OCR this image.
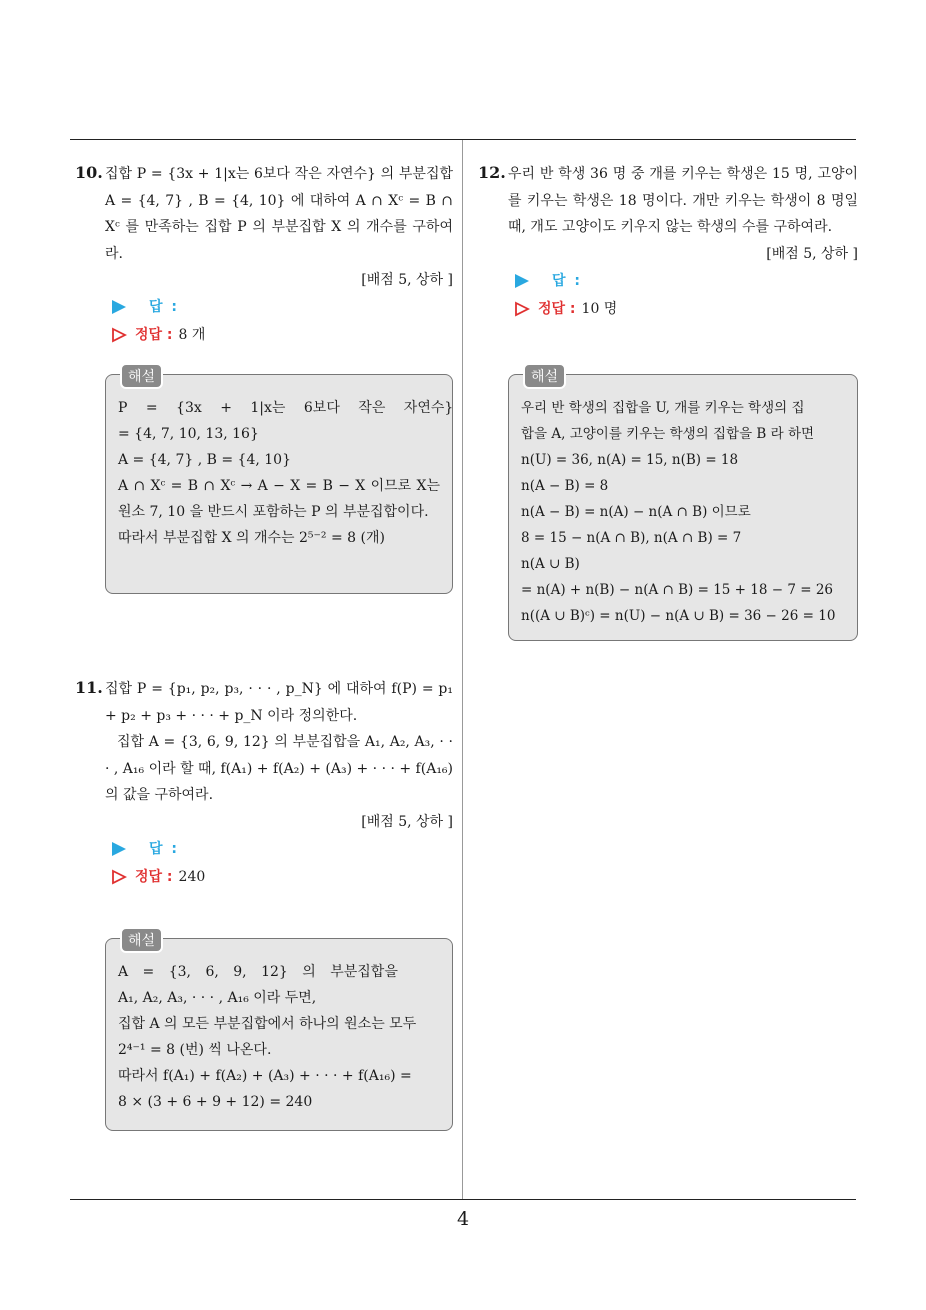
10. 집합 P = {3x + 1|x는 6보다 작은 자연수} 의 부분집합 A = {4, 7} , B = {4, 10} 에 대하여 A ∩ Xᶜ = B ∩ Xᶜ 를 만족하는 집합 P 의 부분집합 X 의 개수를 구하여라.
[배점 5, 상하 ]
답 :
정답 : 8 개
해설
P = {3x + 1|x는 6보다 작은 자연수}
= {4, 7, 10, 13, 16}
A = {4, 7} , B = {4, 10}
A ∩ Xᶜ = B ∩ Xᶜ → A − X = B − X 이므로 X는 원소 7, 10 을 반드시 포함하는 P 의 부분집합이다.
따라서 부분집합 X 의 개수는 2⁵⁻² = 8 (개)
11. 집합 P = {p₁, p₂, p₃, · · · , p_N} 에 대하여 f(P) = p₁ + p₂ + p₃ + · · · + p_N 이라 정의한다.
집합 A = {3, 6, 9, 12} 의 부분집합을 A₁, A₂, A₃, · · · , A₁₆ 이라 할 때, f(A₁) + f(A₂) + (A₃) + · · · + f(A₁₆) 의 값을 구하여라.
[배점 5, 상하 ]
답 :
정답 : 240
해설
A = {3, 6, 9, 12} 의 부분집합을
A₁, A₂, A₃, · · · , A₁₆ 이라 두면,
집합 A 의 모든 부분집합에서 하나의 원소는 모두
2⁴⁻¹ = 8 (번) 씩 나온다.
따라서 f(A₁) + f(A₂) + (A₃) + · · · + f(A₁₆) =
8 × (3 + 6 + 9 + 12) = 240
12. 우리 반 학생 36 명 중 개를 키우는 학생은 15 명, 고양이를 키우는 학생은 18 명이다. 개만 키우는 학생이 8 명일 때, 개도 고양이도 키우지 않는 학생의 수를 구하여라.
[배점 5, 상하 ]
답 :
정답 : 10 명
해설
우리 반 학생의 집합을 U, 개를 키우는 학생의 집
합을 A, 고양이를 키우는 학생의 집합을 B 라 하면
n(U) = 36, n(A) = 15, n(B) = 18
n(A − B) = 8
n(A − B) = n(A) − n(A ∩ B) 이므로
8 = 15 − n(A ∩ B), n(A ∩ B) = 7
n(A ∪ B)
= n(A) + n(B) − n(A ∩ B) = 15 + 18 − 7 = 26
n((A ∪ B)ᶜ) = n(U) − n(A ∪ B) = 36 − 26 = 10
4
